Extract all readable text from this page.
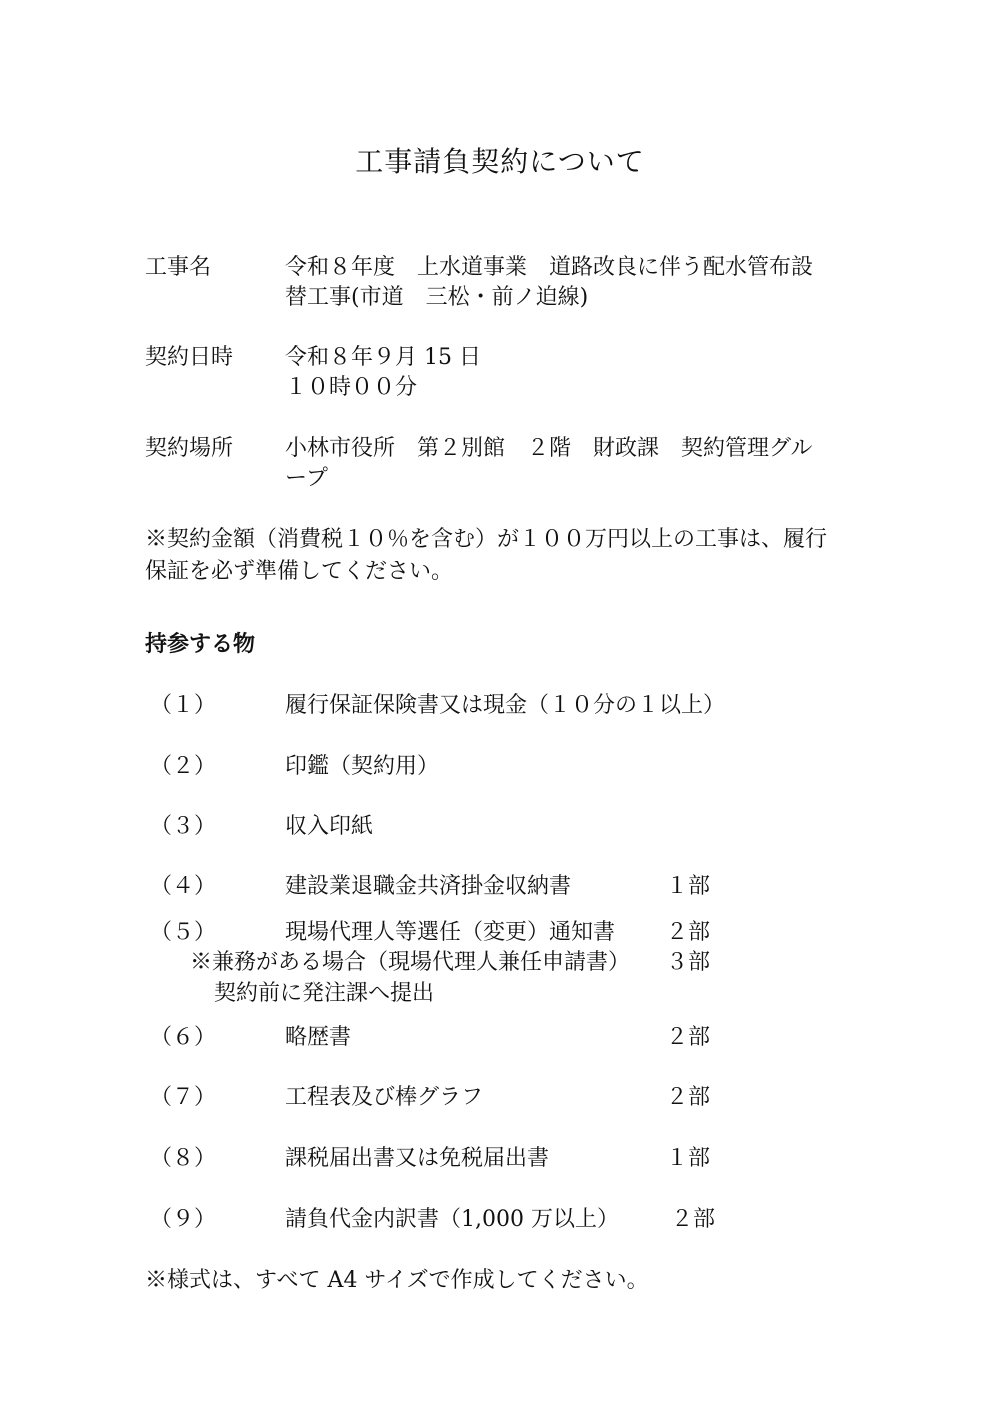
工事請負契約について
工事名	令和８年度　上水道事業　道路改良に伴う配水管布設
替工事(市道　三松・前ノ迫線)
契約日時 令和８年９月 15 日
１０時００分
契約場所 小林市役所　第２別館　２階　財政課　契約管理グル
ープ
※契約金額（消費税１０％を含む）が１００万円以上の工事は、履行
保証を必ず準備してください。
持参する物
（１）	履行保証保険書又は現金（１０分の１以上）
（２）	印鑑（契約用）
（３）	収入印紙
（４）	建設業退職金共済掛金収納書	１部
（５）	現場代理人等選任（変更）通知書 ２部
※兼務がある場合（現場代理人兼任申請書） ３部
契約前に発注課へ提出
（６）	略歴書	２部
（７）	工程表及び棒グラフ	２部
（８）	課税届出書又は免税届出書	１部
（９）	請負代金内訳書（1,000 万以上） ２部
※様式は、すべて A4 サイズで作成してください。
